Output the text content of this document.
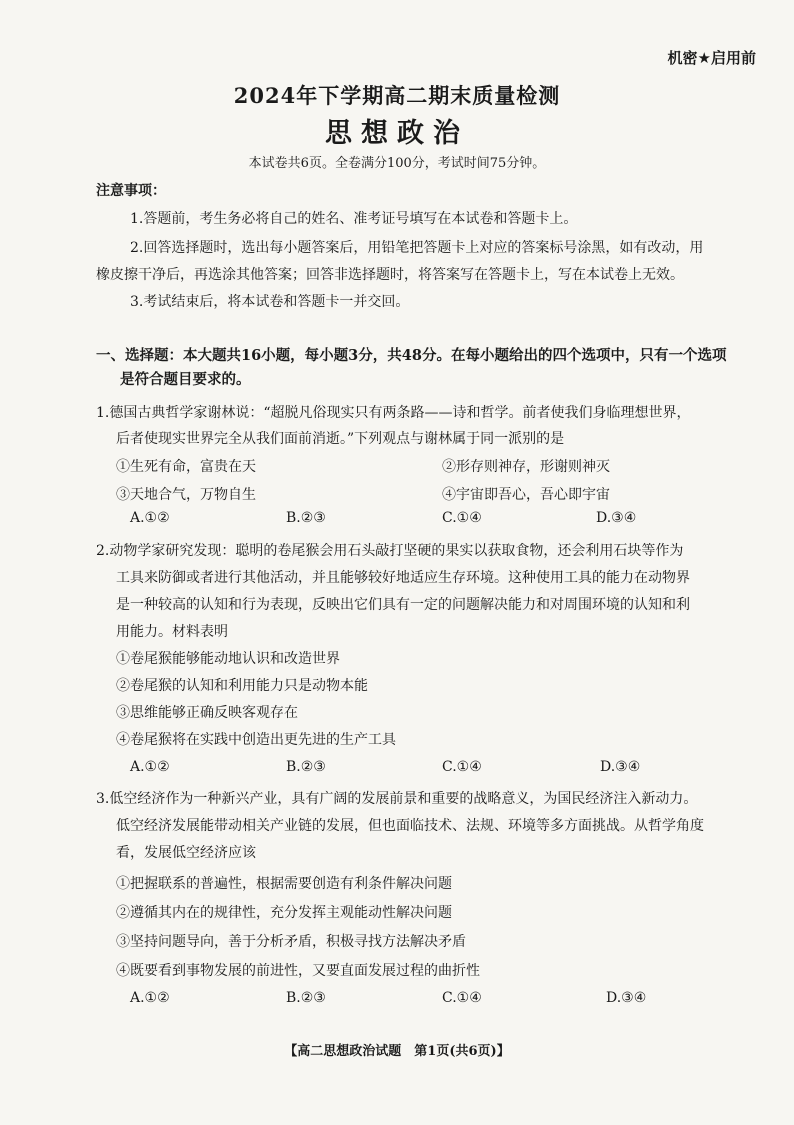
机密★启用前
2024年下学期高二期末质量检测
思想政治
本试卷共6页。全卷满分100分，考试时间75分钟。
注意事项：
1.答题前，考生务必将自己的姓名、准考证号填写在本试卷和答题卡上。
2.回答选择题时，选出每小题答案后，用铅笔把答题卡上对应的答案标号涂黑，如有改动，用
橡皮擦干净后，再选涂其他答案；回答非选择题时，将答案写在答题卡上，写在本试卷上无效。
3.考试结束后，将本试卷和答题卡一并交回。
一、选择题：本大题共16小题，每小题3分，共48分。在每小题给出的四个选项中，只有一个选项
是符合题目要求的。
1.德国古典哲学家谢林说：“超脱凡俗现实只有两条路——诗和哲学。前者使我们身临理想世界，
后者使现实世界完全从我们面前消逝。”下列观点与谢林属于同一派别的是
①生死有命，富贵在天	②形存则神存，形谢则神灭
③天地合气，万物自生	④宇宙即吾心，吾心即宇宙
A.①②	B.②③	C.①④	D.③④
2.动物学家研究发现：聪明的卷尾猴会用石头敲打坚硬的果实以获取食物，还会利用石块等作为
工具来防御或者进行其他活动，并且能够较好地适应生存环境。这种使用工具的能力在动物界
是一种较高的认知和行为表现，反映出它们具有一定的问题解决能力和对周围环境的认知和利
用能力。材料表明
①卷尾猴能够能动地认识和改造世界
②卷尾猴的认知和利用能力只是动物本能
③思维能够正确反映客观存在
④卷尾猴将在实践中创造出更先进的生产工具
A.①②	B.②③	C.①④	D.③④
3.低空经济作为一种新兴产业，具有广阔的发展前景和重要的战略意义，为国民经济注入新动力。
低空经济发展能带动相关产业链的发展，但也面临技术、法规、环境等多方面挑战。从哲学角度
看，发展低空经济应该
①把握联系的普遍性，根据需要创造有利条件解决问题
②遵循其内在的规律性，充分发挥主观能动性解决问题
③坚持问题导向，善于分析矛盾，积极寻找方法解决矛盾
④既要看到事物发展的前进性，又要直面发展过程的曲折性
A.①②	B.②③	C.①④	D.③④
【高二思想政治试题　第1页(共6页)】
